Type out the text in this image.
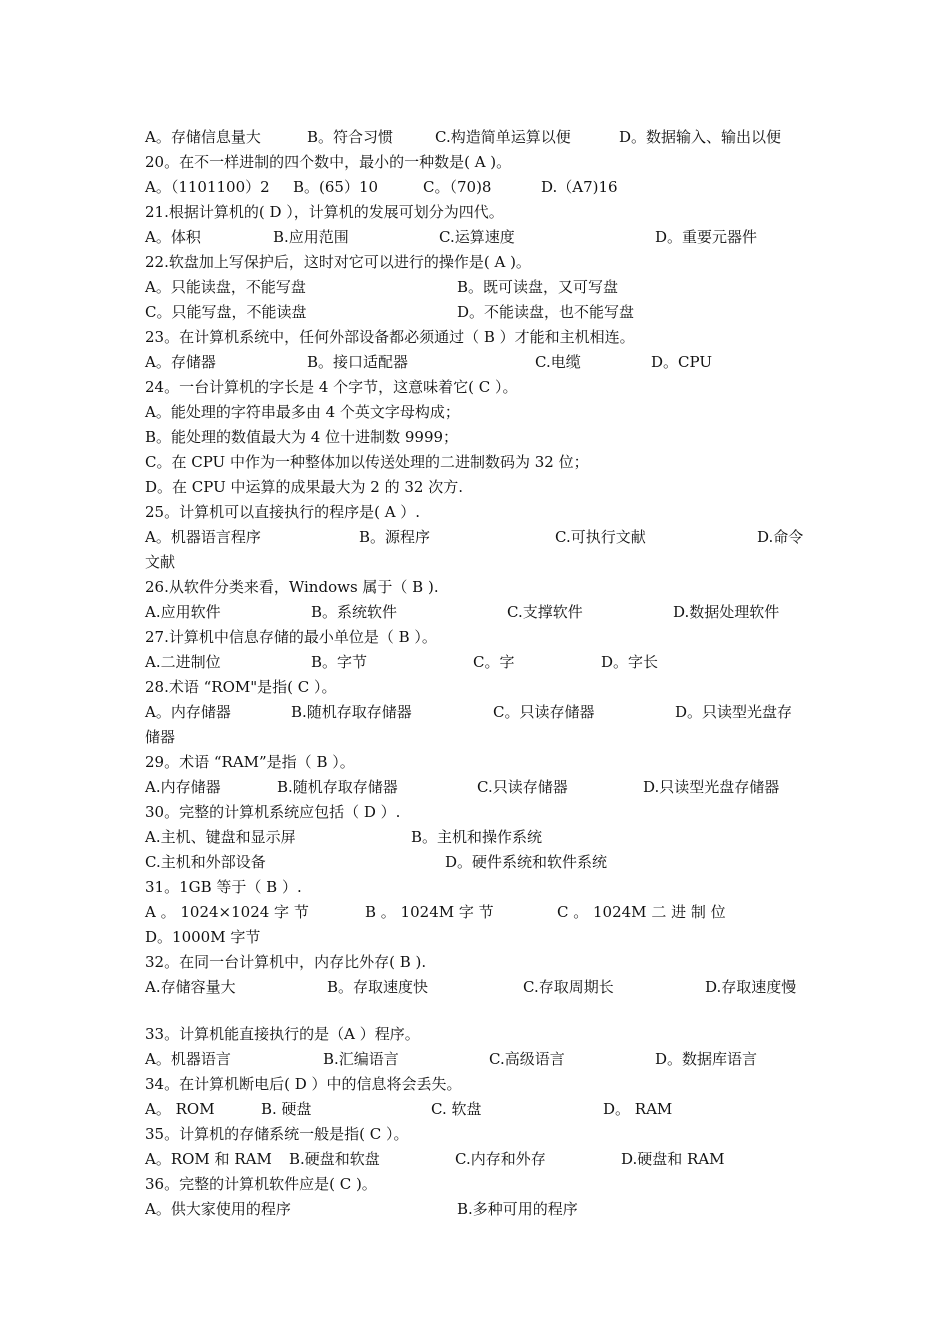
A。存储信息量大	B。符合习惯	C.构造简单运算以便	D。数据输入、输出以便
20。在不一样进制的四个数中，最小的一种数是( A )。
A。（1101100）2 B。(65）10	C。（70)8	D.（A7)16
21.根据计算机的( D ），计算机的发展可划分为四代。
A。体积	B.应用范围	C.运算速度	D。重要元器件
22.软盘加上写保护后，这时对它可以进行的操作是( A )。
A。只能读盘，不能写盘	B。既可读盘，又可写盘
C。只能写盘，不能读盘	D。不能读盘，也不能写盘
23。在计算机系统中，任何外部设备都必须通过（ B ）才能和主机相连。
A。存储器	B。接口适配器	C.电缆	D。CPU
24。一台计算机的字长是 4 个字节，这意味着它( C ）。
A。能处理的字符串最多由 4 个英文字母构成；
B。能处理的数值最大为 4 位十进制数 9999；
C。在 CPU 中作为一种整体加以传送处理的二进制数码为 32 位；
D。在 CPU 中运算的成果最大为 2 的 32 次方.
25。计算机可以直接执行的程序是( A ）.
A。机器语言程序	B。源程序	C.可执行文献	D.命令
文献
26.从软件分类来看，Windows 属于（ B ).
A.应用软件	B。系统软件	C.支撑软件	D.数据处理软件
27.计算机中信息存储的最小单位是（ B ）。
A.二进制位	B。字节	C。字	D。字长
28.术语 “ROM"是指( C ）。
A。内存储器	B.随机存取存储器	C。只读存储器	D。只读型光盘存
储器
29。术语 “RAM”是指（ B ）。
A.内存储器	B.随机存取存储器	C.只读存储器	D.只读型光盘存储器
30。完整的计算机系统应包括（ D ）.
A.主机、键盘和显示屏	B。主机和操作系统
C.主机和外部设备	D。硬件系统和软件系统
31。1GB 等于（ B ）.
A 。 1024×1024 字 节	B 。 1024M 字 节	C 。 1024M 二 进 制 位
D。1000M 字节
32。在同一台计算机中，内存比外存( B ).
A.存储容量大	B。存取速度快	C.存取周期长	D.存取速度慢
33。计算机能直接执行的是（A ）程序。
A。机器语言	B.汇编语言	C.高级语言	D。数据库语言
34。在计算机断电后( D ）中的信息将会丢失。
A。 ROM	B. 硬盘	C. 软盘	D。 RAM
35。计算机的存储系统一般是指( C ）。
A。ROM 和 RAM B.硬盘和软盘	C.内存和外存	D.硬盘和 RAM
36。完整的计算机软件应是( C )。
A。供大家使用的程序	B.多种可用的程序
